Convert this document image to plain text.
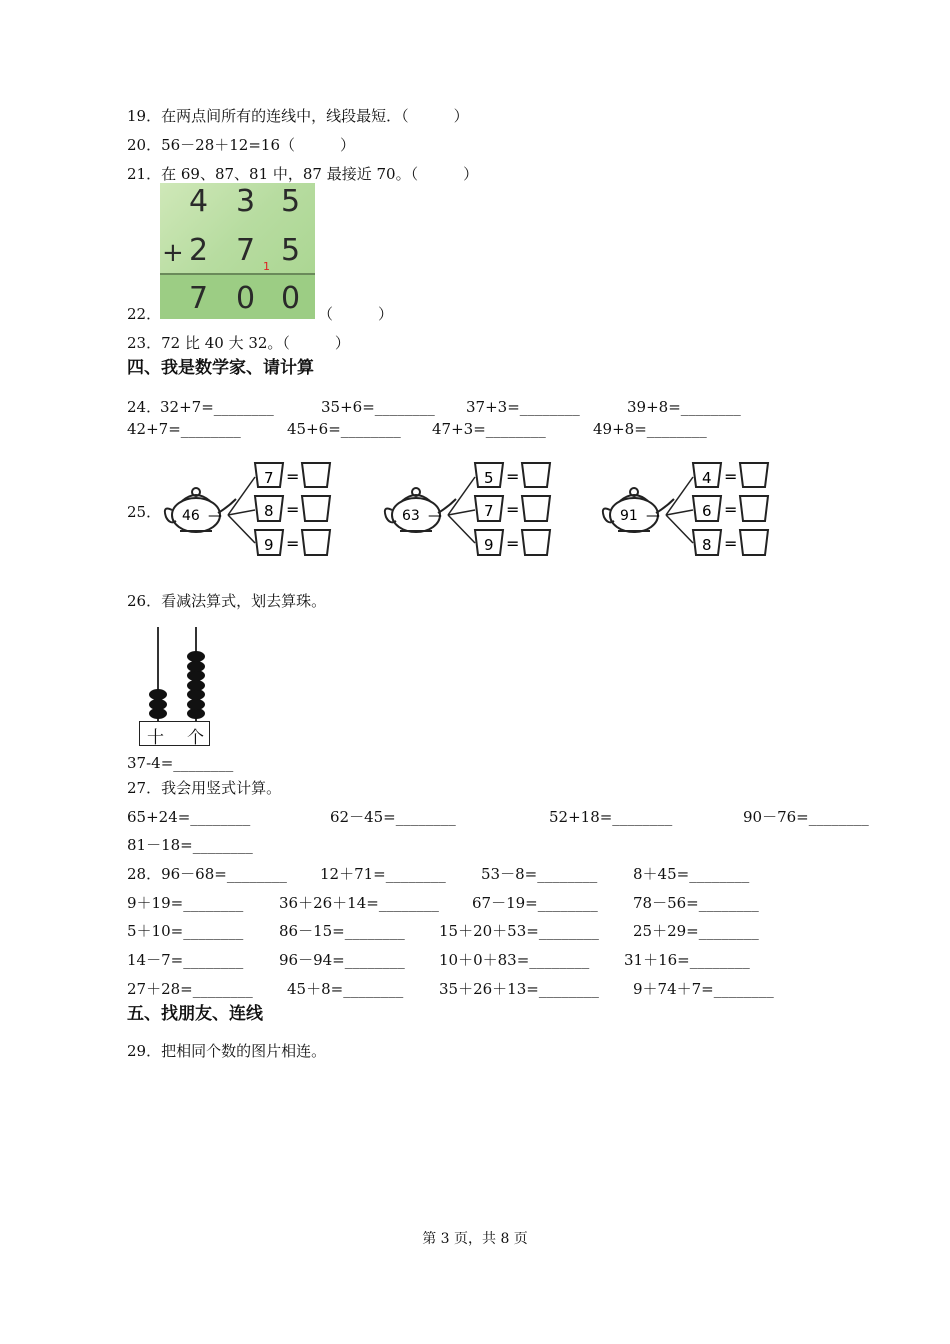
19．在两点间所有的连线中，线段最短．（　　　）
20．56－28＋12=16（　　　）
21．在 69、87、81 中，87 最接近 70。（　　　）
4 3 5
+ 2 7 1 5
7 0 0
22．	（　　　）
23．72 比 40 大 32。（　　　）
四、我是数学家、请计算
24．
32+7=________	35+6=________ 37+3=________	39+8=________
42+7=________	45+6=________ 47+3=________	49+8=________
25． 46 —
7 =
8 =
9 =
63 —
5 =
7 =
9 =
91 —
4 =
6 =
8 =
26．看减法算式，划去算珠。
十 个
37-4=________
27．我会用竖式计算。
65+24=________	62－45=________	52+18=________	90－76=________
81－18=________
28．96－68=________ 12＋71=________ 53－8=________ 8＋45=________
9＋19=________ 36＋26＋14=________ 67－19=________ 78－56=________
5＋10=________ 86－15=________ 15＋20＋53=________ 25＋29=________
14－7=________ 96－94=________ 10＋0＋83=________ 31＋16=________
27＋28=________ 45＋8=________ 35＋26＋13=________ 9＋74＋7=________
五、找朋友、连线
29．把相同个数的图片相连。
第 3 页，共 8 页
